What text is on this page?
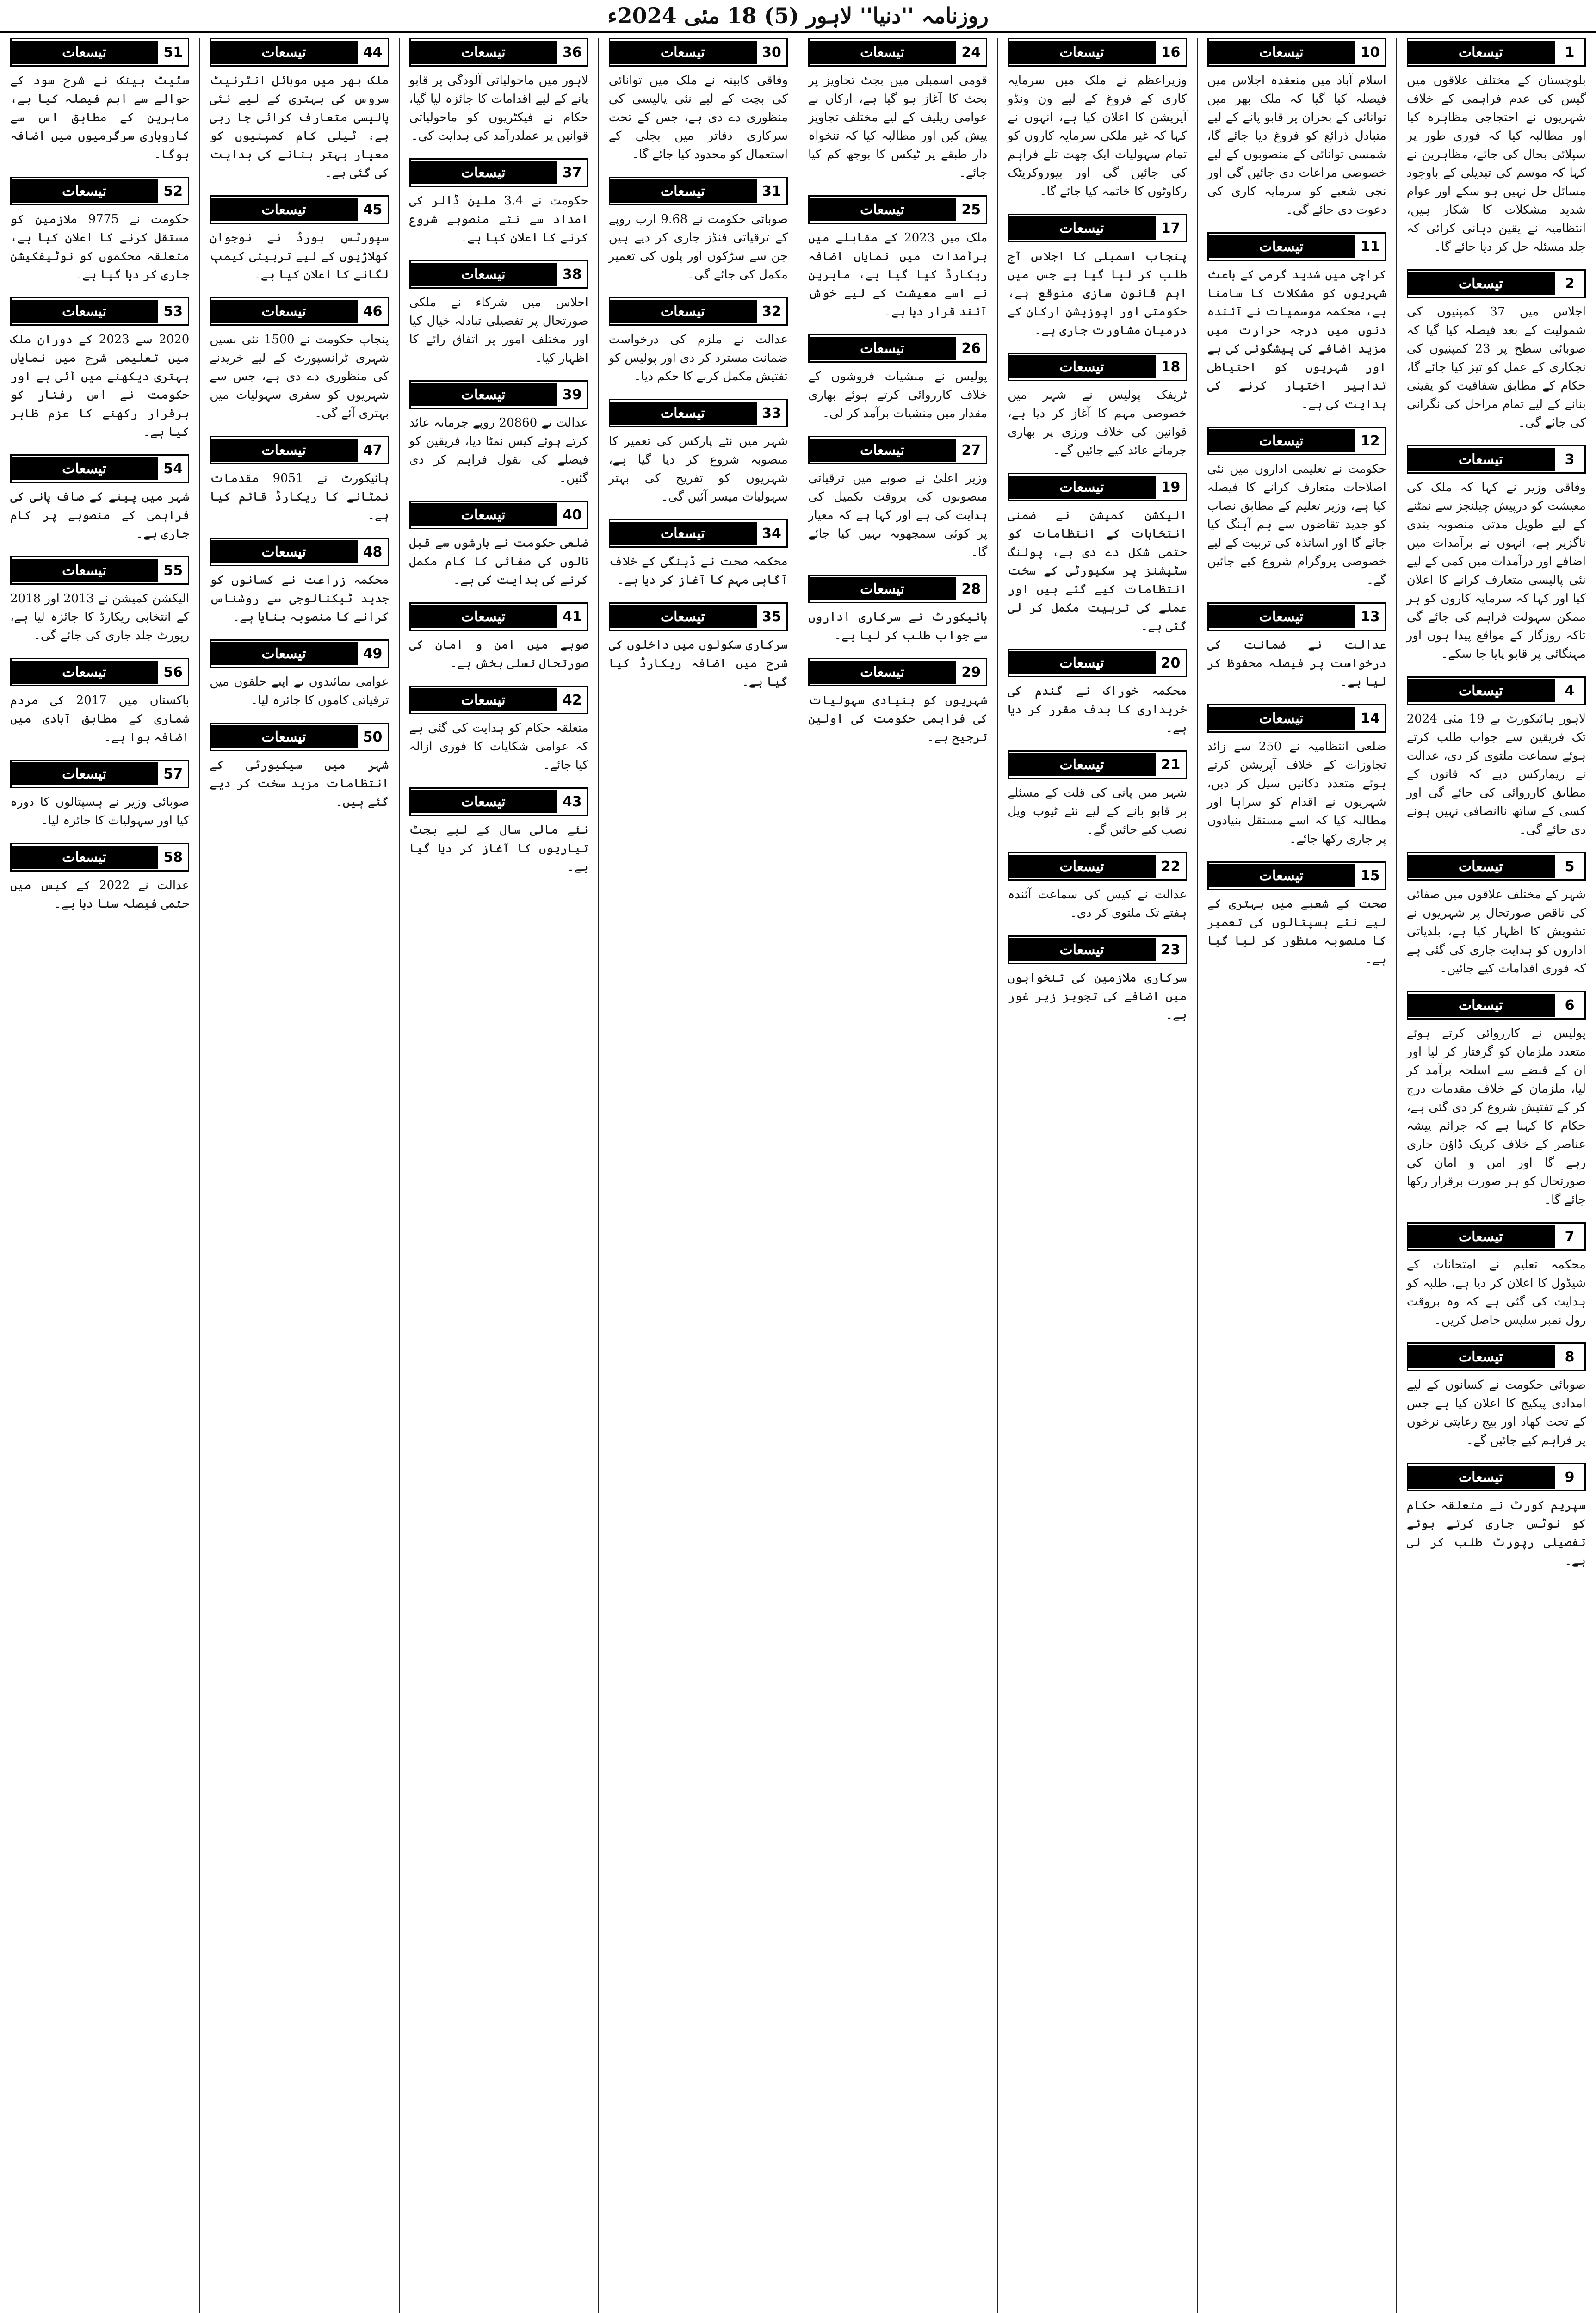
روزنامہ ''دنیا'' لاہور (5) 18 مئی 2024ء
1
تیسعات

بلوچستان کے مختلف علاقوں میں گیس کی عدم فراہمی کے خلاف شہریوں نے احتجاجی مظاہرہ کیا اور مطالبہ کیا کہ فوری طور پر سپلائی بحال کی جائے، مظاہرین نے کہا کہ موسم کی تبدیلی کے باوجود مسائل حل نہیں ہو سکے اور عوام شدید مشکلات کا شکار ہیں، انتظامیہ نے یقین دہانی کرائی کہ جلد مسئلہ حل کر دیا جائے گا۔

2
تیسعات

اجلاس میں 37 کمپنیوں کی شمولیت کے بعد فیصلہ کیا گیا کہ صوبائی سطح پر 23 کمپنیوں کی نجکاری کے عمل کو تیز کیا جائے گا، حکام کے مطابق شفافیت کو یقینی بنانے کے لیے تمام مراحل کی نگرانی کی جائے گی۔

3
تیسعات

وفاقی وزیر نے کہا کہ ملک کی معیشت کو درپیش چیلنجز سے نمٹنے کے لیے طویل مدتی منصوبہ بندی ناگزیر ہے، انہوں نے برآمدات میں اضافے اور درآمدات میں کمی کے لیے نئی پالیسی متعارف کرانے کا اعلان کیا اور کہا کہ سرمایہ کاروں کو ہر ممکن سہولت فراہم کی جائے گی تاکہ روزگار کے مواقع پیدا ہوں اور مہنگائی پر قابو پایا جا سکے۔

4
تیسعات

لاہور ہائیکورٹ نے 19 مئی 2024 تک فریقین سے جواب طلب کرتے ہوئے سماعت ملتوی کر دی، عدالت نے ریمارکس دیے کہ قانون کے مطابق کارروائی کی جائے گی اور کسی کے ساتھ ناانصافی نہیں ہونے دی جائے گی۔

5
تیسعات

شہر کے مختلف علاقوں میں صفائی کی ناقص صورتحال پر شہریوں نے تشویش کا اظہار کیا ہے، بلدیاتی اداروں کو ہدایت جاری کی گئی ہے کہ فوری اقدامات کیے جائیں۔

6
تیسعات

پولیس نے کارروائی کرتے ہوئے متعدد ملزمان کو گرفتار کر لیا اور ان کے قبضے سے اسلحہ برآمد کر لیا، ملزمان کے خلاف مقدمات درج کر کے تفتیش شروع کر دی گئی ہے، حکام کا کہنا ہے کہ جرائم پیشہ عناصر کے خلاف کریک ڈاؤن جاری رہے گا اور امن و امان کی صورتحال کو ہر صورت برقرار رکھا جائے گا۔

7
تیسعات

محکمہ تعلیم نے امتحانات کے شیڈول کا اعلان کر دیا ہے، طلبہ کو ہدایت کی گئی ہے کہ وہ بروقت رول نمبر سلپس حاصل کریں۔

8
تیسعات

صوبائی حکومت نے کسانوں کے لیے امدادی پیکیج کا اعلان کیا ہے جس کے تحت کھاد اور بیج رعایتی نرخوں پر فراہم کیے جائیں گے۔

9
تیسعات

سپریم کورٹ نے متعلقہ حکام کو نوٹس جاری کرتے ہوئے تفصیلی رپورٹ طلب کر لی ہے۔

10
تیسعات

اسلام آباد میں منعقدہ اجلاس میں فیصلہ کیا گیا کہ ملک بھر میں توانائی کے بحران پر قابو پانے کے لیے متبادل ذرائع کو فروغ دیا جائے گا، شمسی توانائی کے منصوبوں کے لیے خصوصی مراعات دی جائیں گی اور نجی شعبے کو سرمایہ کاری کی دعوت دی جائے گی۔

11
تیسعات

کراچی میں شدید گرمی کے باعث شہریوں کو مشکلات کا سامنا ہے، محکمہ موسمیات نے آئندہ دنوں میں درجہ حرارت میں مزید اضافے کی پیشگوئی کی ہے اور شہریوں کو احتیاطی تدابیر اختیار کرنے کی ہدایت کی ہے۔

12
تیسعات

حکومت نے تعلیمی اداروں میں نئی اصلاحات متعارف کرانے کا فیصلہ کیا ہے، وزیر تعلیم کے مطابق نصاب کو جدید تقاضوں سے ہم آہنگ کیا جائے گا اور اساتذہ کی تربیت کے لیے خصوصی پروگرام شروع کیے جائیں گے۔

13
تیسعات

عدالت نے ضمانت کی درخواست پر فیصلہ محفوظ کر لیا ہے۔

14
تیسعات

ضلعی انتظامیہ نے 250 سے زائد تجاوزات کے خلاف آپریشن کرتے ہوئے متعدد دکانیں سیل کر دیں، شہریوں نے اقدام کو سراہا اور مطالبہ کیا کہ اسے مستقل بنیادوں پر جاری رکھا جائے۔

15
تیسعات

صحت کے شعبے میں بہتری کے لیے نئے ہسپتالوں کی تعمیر کا منصوبہ منظور کر لیا گیا ہے۔

16
تیسعات

وزیراعظم نے ملک میں سرمایہ کاری کے فروغ کے لیے ون ونڈو آپریشن کا اعلان کیا ہے، انہوں نے کہا کہ غیر ملکی سرمایہ کاروں کو تمام سہولیات ایک چھت تلے فراہم کی جائیں گی اور بیوروکریٹک رکاوٹوں کا خاتمہ کیا جائے گا۔

17
تیسعات

پنجاب اسمبلی کا اجلاس آج طلب کر لیا گیا ہے جس میں اہم قانون سازی متوقع ہے، حکومتی اور اپوزیشن ارکان کے درمیان مشاورت جاری ہے۔

18
تیسعات

ٹریفک پولیس نے شہر میں خصوصی مہم کا آغاز کر دیا ہے، قوانین کی خلاف ورزی پر بھاری جرمانے عائد کیے جائیں گے۔

19
تیسعات

الیکشن کمیشن نے ضمنی انتخابات کے انتظامات کو حتمی شکل دے دی ہے، پولنگ سٹیشنز پر سکیورٹی کے سخت انتظامات کیے گئے ہیں اور عملے کی تربیت مکمل کر لی گئی ہے۔

20
تیسعات

محکمہ خوراک نے گندم کی خریداری کا ہدف مقرر کر دیا ہے۔

21
تیسعات

شہر میں پانی کی قلت کے مسئلے پر قابو پانے کے لیے نئے ٹیوب ویل نصب کیے جائیں گے۔

22
تیسعات

عدالت نے کیس کی سماعت آئندہ ہفتے تک ملتوی کر دی۔

23
تیسعات

سرکاری ملازمین کی تنخواہوں میں اضافے کی تجویز زیر غور ہے۔

24
تیسعات

قومی اسمبلی میں بجٹ تجاویز پر بحث کا آغاز ہو گیا ہے، ارکان نے عوامی ریلیف کے لیے مختلف تجاویز پیش کیں اور مطالبہ کیا کہ تنخواہ دار طبقے پر ٹیکس کا بوجھ کم کیا جائے۔

25
تیسعات

ملک میں 2023 کے مقابلے میں برآمدات میں نمایاں اضافہ ریکارڈ کیا گیا ہے، ماہرین نے اسے معیشت کے لیے خوش آئند قرار دیا ہے۔

26
تیسعات

پولیس نے منشیات فروشوں کے خلاف کارروائی کرتے ہوئے بھاری مقدار میں منشیات برآمد کر لی۔

27
تیسعات

وزیر اعلیٰ نے صوبے میں ترقیاتی منصوبوں کی بروقت تکمیل کی ہدایت کی ہے اور کہا ہے کہ معیار پر کوئی سمجھوتہ نہیں کیا جائے گا۔

28
تیسعات

ہائیکورٹ نے سرکاری اداروں سے جواب طلب کر لیا ہے۔

29
تیسعات

شہریوں کو بنیادی سہولیات کی فراہمی حکومت کی اولین ترجیح ہے۔

30
تیسعات

وفاقی کابینہ نے ملک میں توانائی کی بچت کے لیے نئی پالیسی کی منظوری دے دی ہے، جس کے تحت سرکاری دفاتر میں بجلی کے استعمال کو محدود کیا جائے گا۔

31
تیسعات

صوبائی حکومت نے 9.68 ارب روپے کے ترقیاتی فنڈز جاری کر دیے ہیں جن سے سڑکوں اور پلوں کی تعمیر مکمل کی جائے گی۔

32
تیسعات

عدالت نے ملزم کی درخواست ضمانت مسترد کر دی اور پولیس کو تفتیش مکمل کرنے کا حکم دیا۔

33
تیسعات

شہر میں نئے پارکس کی تعمیر کا منصوبہ شروع کر دیا گیا ہے، شہریوں کو تفریح کی بہتر سہولیات میسر آئیں گی۔

34
تیسعات

محکمہ صحت نے ڈینگی کے خلاف آگاہی مہم کا آغاز کر دیا ہے۔

35
تیسعات

سرکاری سکولوں میں داخلوں کی شرح میں اضافہ ریکارڈ کیا گیا ہے۔

36
تیسعات

لاہور میں ماحولیاتی آلودگی پر قابو پانے کے لیے اقدامات کا جائزہ لیا گیا، حکام نے فیکٹریوں کو ماحولیاتی قوانین پر عملدرآمد کی ہدایت کی۔

37
تیسعات

حکومت نے 3.4 ملین ڈالر کی امداد سے نئے منصوبے شروع کرنے کا اعلان کیا ہے۔

38
تیسعات

اجلاس میں شرکاء نے ملکی صورتحال پر تفصیلی تبادلہ خیال کیا اور مختلف امور پر اتفاق رائے کا اظہار کیا۔

39
تیسعات

عدالت نے 20860 روپے جرمانہ عائد کرتے ہوئے کیس نمٹا دیا، فریقین کو فیصلے کی نقول فراہم کر دی گئیں۔

40
تیسعات

ضلعی حکومت نے بارشوں سے قبل نالوں کی صفائی کا کام مکمل کرنے کی ہدایت کی ہے۔

41
تیسعات

صوبے میں امن و امان کی صورتحال تسلی بخش ہے۔

42
تیسعات

متعلقہ حکام کو ہدایت کی گئی ہے کہ عوامی شکایات کا فوری ازالہ کیا جائے۔

43
تیسعات

نئے مالی سال کے لیے بجٹ تیاریوں کا آغاز کر دیا گیا ہے۔

44
تیسعات

ملک بھر میں موبائل انٹرنیٹ سروس کی بہتری کے لیے نئی پالیسی متعارف کرائی جا رہی ہے، ٹیلی کام کمپنیوں کو معیار بہتر بنانے کی ہدایت کی گئی ہے۔

45
تیسعات

سپورٹس بورڈ نے نوجوان کھلاڑیوں کے لیے تربیتی کیمپ لگانے کا اعلان کیا ہے۔

46
تیسعات

پنجاب حکومت نے 1500 نئی بسیں شہری ٹرانسپورٹ کے لیے خریدنے کی منظوری دے دی ہے، جس سے شہریوں کو سفری سہولیات میں بہتری آئے گی۔

47
تیسعات

ہائیکورٹ نے 9051 مقدمات نمٹانے کا ریکارڈ قائم کیا ہے۔

48
تیسعات

محکمہ زراعت نے کسانوں کو جدید ٹیکنالوجی سے روشناس کرانے کا منصوبہ بنایا ہے۔

49
تیسعات

عوامی نمائندوں نے اپنے حلقوں میں ترقیاتی کاموں کا جائزہ لیا۔

50
تیسعات

شہر میں سیکیورٹی کے انتظامات مزید سخت کر دیے گئے ہیں۔

51
تیسعات

سٹیٹ بینک نے شرح سود کے حوالے سے اہم فیصلہ کیا ہے، ماہرین کے مطابق اس سے کاروباری سرگرمیوں میں اضافہ ہوگا۔

52
تیسعات

حکومت نے 9775 ملازمین کو مستقل کرنے کا اعلان کیا ہے، متعلقہ محکموں کو نوٹیفکیشن جاری کر دیا گیا ہے۔

53
تیسعات

2020 سے 2023 کے دوران ملک میں تعلیمی شرح میں نمایاں بہتری دیکھنے میں آئی ہے اور حکومت نے اس رفتار کو برقرار رکھنے کا عزم ظاہر کیا ہے۔

54
تیسعات

شہر میں پینے کے صاف پانی کی فراہمی کے منصوبے پر کام جاری ہے۔

55
تیسعات

الیکشن کمیشن نے 2013 اور 2018 کے انتخابی ریکارڈ کا جائزہ لیا ہے، رپورٹ جلد جاری کی جائے گی۔

56
تیسعات

پاکستان میں 2017 کی مردم شماری کے مطابق آبادی میں اضافہ ہوا ہے۔

57
تیسعات

صوبائی وزیر نے ہسپتالوں کا دورہ کیا اور سہولیات کا جائزہ لیا۔

58
تیسعات

عدالت نے 2022 کے کیس میں حتمی فیصلہ سنا دیا ہے۔
